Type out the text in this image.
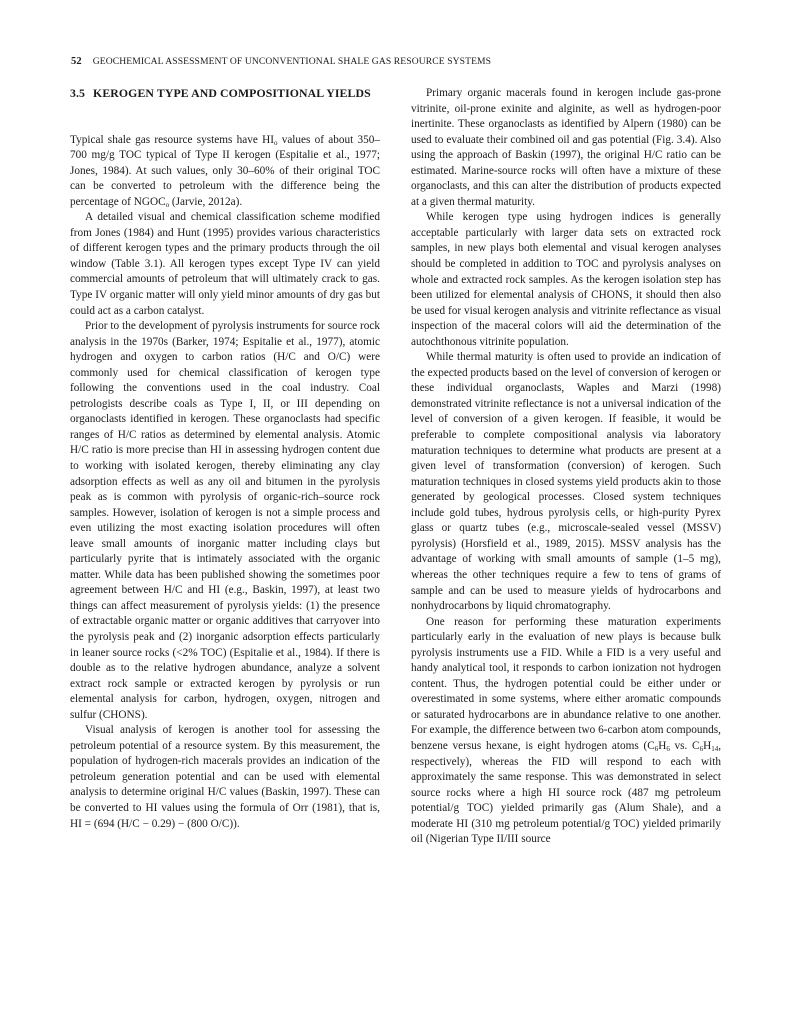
52 GEOCHEMICAL ASSESSMENT OF UNCONVENTIONAL SHALE GAS RESOURCE SYSTEMS
3.5 KEROGEN TYPE AND COMPOSITIONAL YIELDS

Typical shale gas resource systems have $HI_o$ values of about 350–700 mg/g TOC typical of Type II kerogen (Espitalie et al., 1977; Jones, 1984). At such values, only 30–60% of their original TOC can be converted to petroleum with the difference being the percentage of $NGOC_o$ (Jarvie, 2012a).

A detailed visual and chemical classification scheme modified from Jones (1984) and Hunt (1995) provides various characteristics of different kerogen types and the primary products through the oil window (Table 3.1). All kerogen types except Type IV can yield commercial amounts of petroleum that will ultimately crack to gas. Type IV organic matter will only yield minor amounts of dry gas but could act as a carbon catalyst.

Prior to the development of pyrolysis instruments for source rock analysis in the 1970s (Barker, 1974; Espitalie et al., 1977), atomic hydrogen and oxygen to carbon ratios (H/C and O/C) were commonly used for chemical classification of kerogen type following the conventions used in the coal industry. Coal petrologists describe coals as Type I, II, or III depending on organoclasts identified in kerogen. These organoclasts had specific ranges of H/C ratios as determined by elemental analysis. Atomic H/C ratio is more precise than HI in assessing hydrogen content due to working with isolated kerogen, thereby eliminating any clay adsorption effects as well as any oil and bitumen in the pyrolysis peak as is common with pyrolysis of organic-rich–source rock samples. However, isolation of kerogen is not a simple process and even utilizing the most exacting isolation procedures will often leave small amounts of inorganic matter including clays but particularly pyrite that is intimately associated with the organic matter. While data has been published showing the sometimes poor agreement between H/C and HI (e.g., Baskin, 1997), at least two things can affect measurement of pyrolysis yields: (1) the presence of extractable organic matter or organic additives that carryover into the pyrolysis peak and (2) inorganic adsorption effects particularly in leaner source rocks (<2% TOC) (Espitalie et al., 1984). If there is double as to the relative hydrogen abundance, analyze a solvent extract rock sample or extracted kerogen by pyrolysis or run elemental analysis for carbon, hydrogen, oxygen, nitrogen and sulfur (CHONS).

Visual analysis of kerogen is another tool for assessing the petroleum potential of a resource system. By this measurement, the population of hydrogen-rich macerals provides an indication of the petroleum generation potential and can be used with elemental analysis to determine original H/C values (Baskin, 1997). These can be converted to HI values using the formula of Orr (1981), that is, HI = (694 (H/C − 0.29) − (800 O/C)).

Primary organic macerals found in kerogen include gas-prone vitrinite, oil-prone exinite and alginite, as well as hydrogen-poor inertinite. These organoclasts as identified by Alpern (1980) can be used to evaluate their combined oil and gas potential (Fig. 3.4). Also using the approach of Baskin (1997), the original H/C ratio can be estimated. Marine-source rocks will often have a mixture of these organoclasts, and this can alter the distribution of products expected at a given thermal maturity.

While kerogen type using hydrogen indices is generally acceptable particularly with larger data sets on extracted rock samples, in new plays both elemental and visual kerogen analyses should be completed in addition to TOC and pyrolysis analyses on whole and extracted rock samples. As the kerogen isolation step has been utilized for elemental analysis of CHONS, it should then also be used for visual kerogen analysis and vitrinite reflectance as visual inspection of the maceral colors will aid the determination of the autochthonous vitrinite population.

While thermal maturity is often used to provide an indication of the expected products based on the level of conversion of kerogen or these individual organoclasts, Waples and Marzi (1998) demonstrated vitrinite reflectance is not a universal indication of the level of conversion of a given kerogen. If feasible, it would be preferable to complete compositional analysis via laboratory maturation techniques to determine what products are present at a given level of transformation (conversion) of kerogen. Such maturation techniques in closed systems yield products akin to those generated by geological processes. Closed system techniques include gold tubes, hydrous pyrolysis cells, or high-purity Pyrex glass or quartz tubes (e.g., microscale-sealed vessel (MSSV) pyrolysis) (Horsfield et al., 1989, 2015). MSSV analysis has the advantage of working with small amounts of sample (1–5 mg), whereas the other techniques require a few to tens of grams of sample and can be used to measure yields of hydrocarbons and nonhydrocarbons by liquid chromatography.

One reason for performing these maturation experiments particularly early in the evaluation of new plays is because bulk pyrolysis instruments use a FID. While a FID is a very useful and handy analytical tool, it responds to carbon ionization not hydrogen content. Thus, the hydrogen potential could be either under or overestimated in some systems, where either aromatic compounds or saturated hydrocarbons are in abundance relative to one another. For example, the difference between two 6-carbon atom compounds, benzene versus hexane, is eight hydrogen atoms ($C_6H_6$ vs. $C_6H_{14}$, respectively), whereas the FID will respond to each with approximately the same response. This was demonstrated in select source rocks where a high HI source rock (487 mg petroleum potential/g TOC) yielded primarily gas (Alum Shale), and a moderate HI (310 mg petroleum potential/g TOC) yielded primarily oil (Nigerian Type II/III source
